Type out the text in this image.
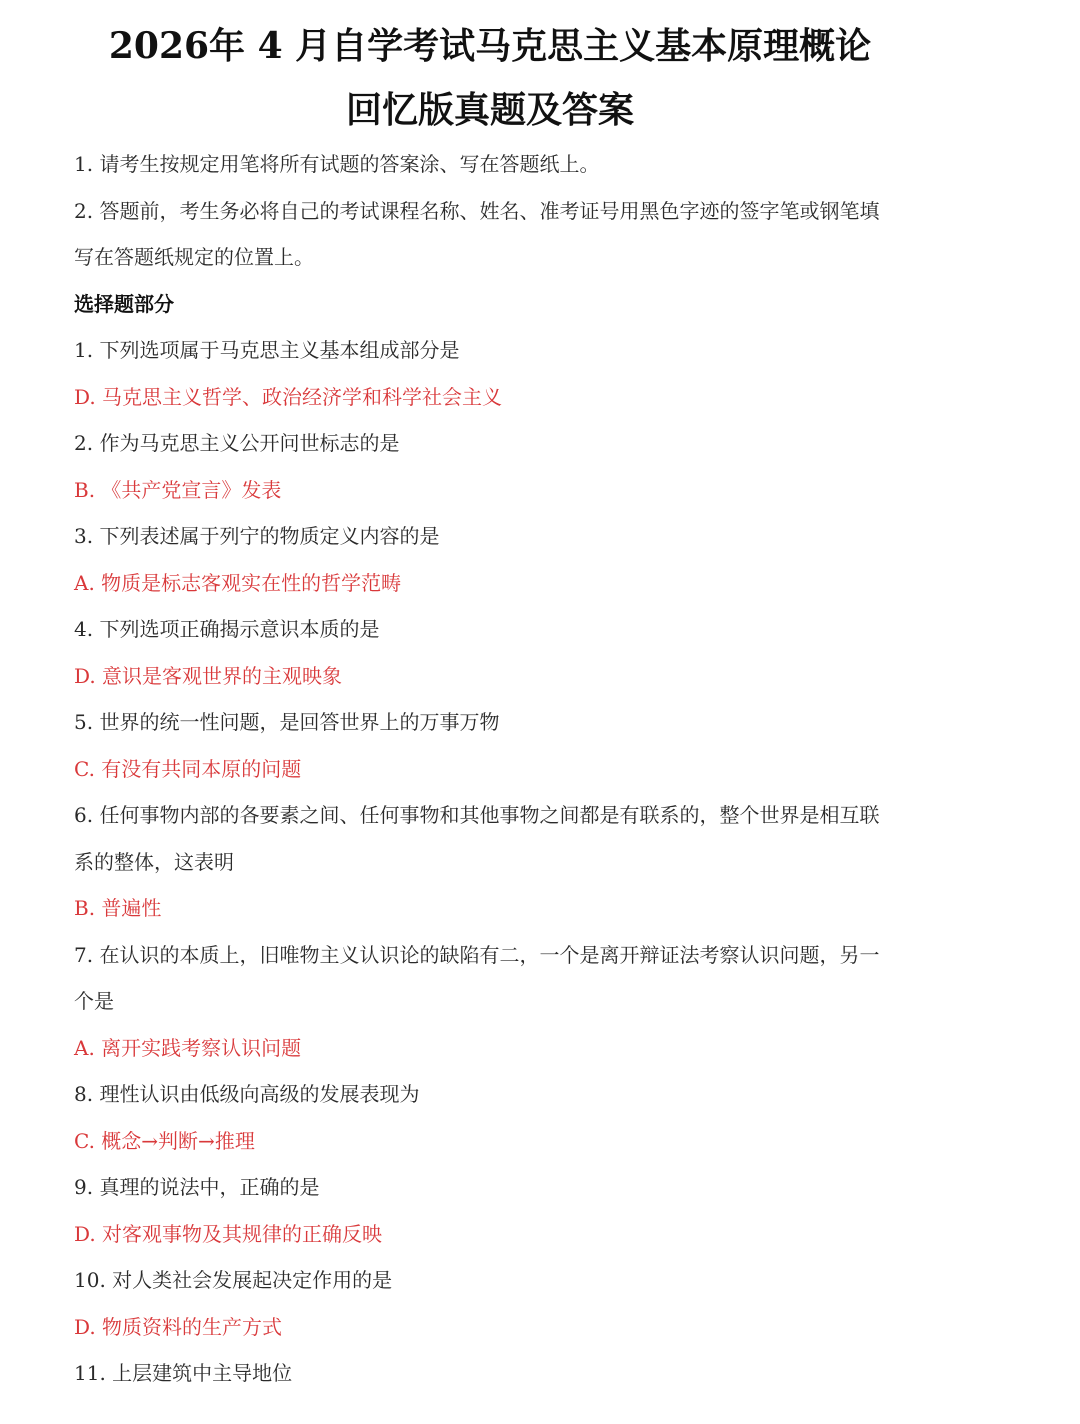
2026年 4 月自学考试马克思主义基本原理概论
回忆版真题及答案
1. 请考生按规定用笔将所有试题的答案涂、写在答题纸上。
2. 答题前，考生务必将自己的考试课程名称、姓名、准考证号用黑色字迹的签字笔或钢笔填
写在答题纸规定的位置上。
选择题部分
1. 下列选项属于马克思主义基本组成部分是
D. 马克思主义哲学、政治经济学和科学社会主义
2. 作为马克思主义公开问世标志的是
B. 《共产党宣言》发表
3. 下列表述属于列宁的物质定义内容的是
A. 物质是标志客观实在性的哲学范畴
4. 下列选项正确揭示意识本质的是
D. 意识是客观世界的主观映象
5. 世界的统一性问题，是回答世界上的万事万物
C. 有没有共同本原的问题
6. 任何事物内部的各要素之间、任何事物和其他事物之间都是有联系的，整个世界是相互联
系的整体，这表明
B. 普遍性
7. 在认识的本质上，旧唯物主义认识论的缺陷有二，一个是离开辩证法考察认识问题，另一
个是
A. 离开实践考察认识问题
8. 理性认识由低级向高级的发展表现为
C. 概念→判断→推理
9. 真理的说法中，正确的是
D. 对客观事物及其规律的正确反映
10. 对人类社会发展起决定作用的是
D. 物质资料的生产方式
11. 上层建筑中主导地位
